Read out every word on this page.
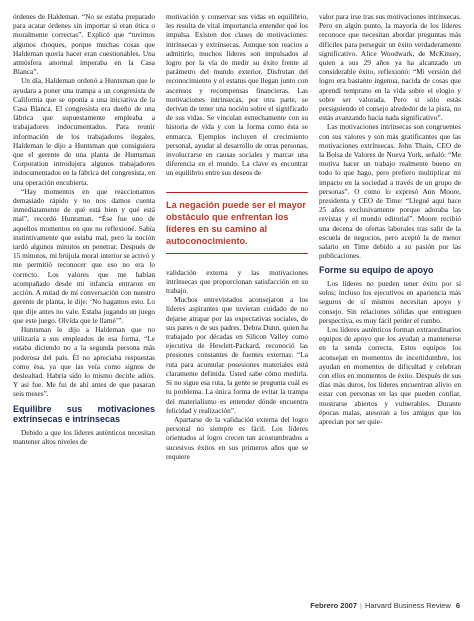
órdenes de Haldeman. “No se estaba preparado para acatar órdenes sin importar si eran ética o moralmente correctas”. Explicó que “tuvimos algunos choques, porque muchas cosas que Haldeman quería hacer eran cuestionables. Una atmósfera anormal imperaba en la Casa Blanca”.

Un día, Haldeman ordenó a Huntsman que le ayudara a poner una trampa a un congresista de California que se oponía a una iniciativa de la Casa Blanca. El congresista era dueño de una fábrica que supuestamente empleaba a trabajadores indocumentados. Para reunir información de los trabajadores ilegales, Haldeman le dijo a Huntsman que consiguiera que el gerente de una planta de Huntsman Corporation introdujera algunos trabajadores indocumentados en la fábrica del congresista, en una operación encubierta.

“Hay momentos en que reaccionamos demasiado rápido y no nos damos cuenta inmediatamente de qué está bien y qué está mal”, recordó Huntsman. “Ése fue uno de aquellos momentos en que no reflexioné. Sabía instintivamente que estaba mal, pero la noción tardó algunos minutos en penetrar. Después de 15 minutos, mi brújula moral interior se activó y me permitió reconocer que eso no era lo correcto. Los valores que me habían acompañado desde mi infancia entraron en acción. A mitad de mi conversación con nuestro gerente de planta, le dije: ‘No hagamos esto. Lo que dije antes no vale. Estaba jugando un juego que este juego. Olvida que le llamé’”.

Huntsman le dijo a Haldeman que no utilizaría a sus empleados de esa forma. “Le estaba diciendo no a la segunda persona más poderosa del país. Él no apreciaba respuestas como ésa, ya que las veía como signos de deslealtad. Habría sido lo mismo decirle adiós. Y así fue. Me fui de ahí antes de que pasaran seis meses”.

Equilibre sus motivaciones extrínsecas e intrínsecas

Debido a que los líderes auténticos necesitan mantener altos niveles de

motivación y conservar sus vidas en equilibrio, les resulta de vital importancia entender qué los impulsa. Existen dos clases de motivaciones: intrínsecas y extrínsecas. Aunque son reacios a admitirlo, muchos líderes son impulsados al logro por la vía de medir su éxito frente al parámetro del mundo exterior. Disfrutan del reconocimiento y el estatus que llegan junto con ascensos y recompensas financieras. Las motivaciones intrínsecas, por otra parte, se derivan de tener una noción sobre el significado de sus vidas. Se vinculan estrechamente con su historia de vida y con la forma como ésta se enmarca. Ejemplos incluyen el crecimiento personal, ayudar al desarrollo de otras personas, involucrarse en causas sociales y marcar una diferencia en el mundo. La clave es encontrar un equilibrio entre sus deseos de

La negación puede ser el mayor obstáculo que enfrentan los líderes en su camino al autoconocimiento.

validación externa y las motivaciones intrínsecas que proporcionan satisfacción en su trabajo.

Muchos entrevistados aconsejaron a los líderes aspirantes que tuvieran cuidado de no dejarse atrapar por las expectativas sociales, de sus pares o de sus padres. Debra Dunn, quien ha trabajado por décadas en Silicon Valley como ejecutiva de Hewlett-Packard, reconoció las presiones constantes de fuentes externas: “La ruta para acumular posesiones materiales está claramente definida. Usted sabe cómo medirla. Si no sigue esa ruta, la gente se pregunta cuál es tu problema. La única forma de evitar la trampa del materialismo es entender dónde encuentra felicidad y realización”.

Apartarse de la validación externa del logro personal no siempre es fácil. Los líderes orientados al logro crecen tan acostumbrados a sucesivos éxitos en sus primeros años que se requiere

valor para irse tras sus motivaciones intrínsecas. Pero en algún punto, la mayoría de los líderes reconoce que necesitan abordar preguntas más difíciles para perseguir un éxito verdaderamente significativo. Alice Woodwark, de McKinsey, quien a sus 29 años ya ha alcanzado un considerable éxito, reflexionó: “Mi versión del logro era bastante ingenua, nacida de cosas que aprendí temprano en la vida sobre el elogio y sobre ser valorada. Pero si sólo estás persiguiendo el consejo alrededor de la pista, no estás avanzando hacia nada significativo”.

Las motivaciones intrínsecas son congruentes con sus valores y son más gratificantes que las motivaciones extrínsecas. John Thain, CEO de la Bolsa de Valores de Nueva York, señaló: “Me motiva hacer un trabajo realmente bueno en todo lo que hago, pero prefiero multiplicar mi impacto en la sociedad a través de un grupo de personas”. O como lo expresó Ann Moore, presidenta y CEO de Time: “Llegué aquí hace 25 años exclusivamente porque adoraba las revistas y el mundo editorial”. Moore recibió una decena de ofertas laborales tras salir de la escuela de negocios, pero aceptó la de menor salario en Time debido a su pasión por las publicaciones.

Forme su equipo de apoyo

Los líderes no pueden tener éxito por sí solos; incluso los ejecutivos en apariencia más seguros de sí mismos necesitan apoyo y consejo. Sin relaciones sólidas que entreguen perspectiva, es muy fácil perder el rumbo.

Los líderes auténticos forman extraordinarios equipos de apoyo que los ayudan a mantenerse en la senda correcta. Estos equipos los aconsejan en momentos de incertidumbre, los ayudan en momentos de dificultad y celebran con ellos en momentos de éxito. Después de sus días más duros, los líderes encuentran alivio en estar con personas en las que pueden confiar, mostrarse abiertos y vulnerables. Durante épocas malas, atesoran a los amigos que los aprecian por ser quie-

Febrero 2007 | Harvard Business Review 6
